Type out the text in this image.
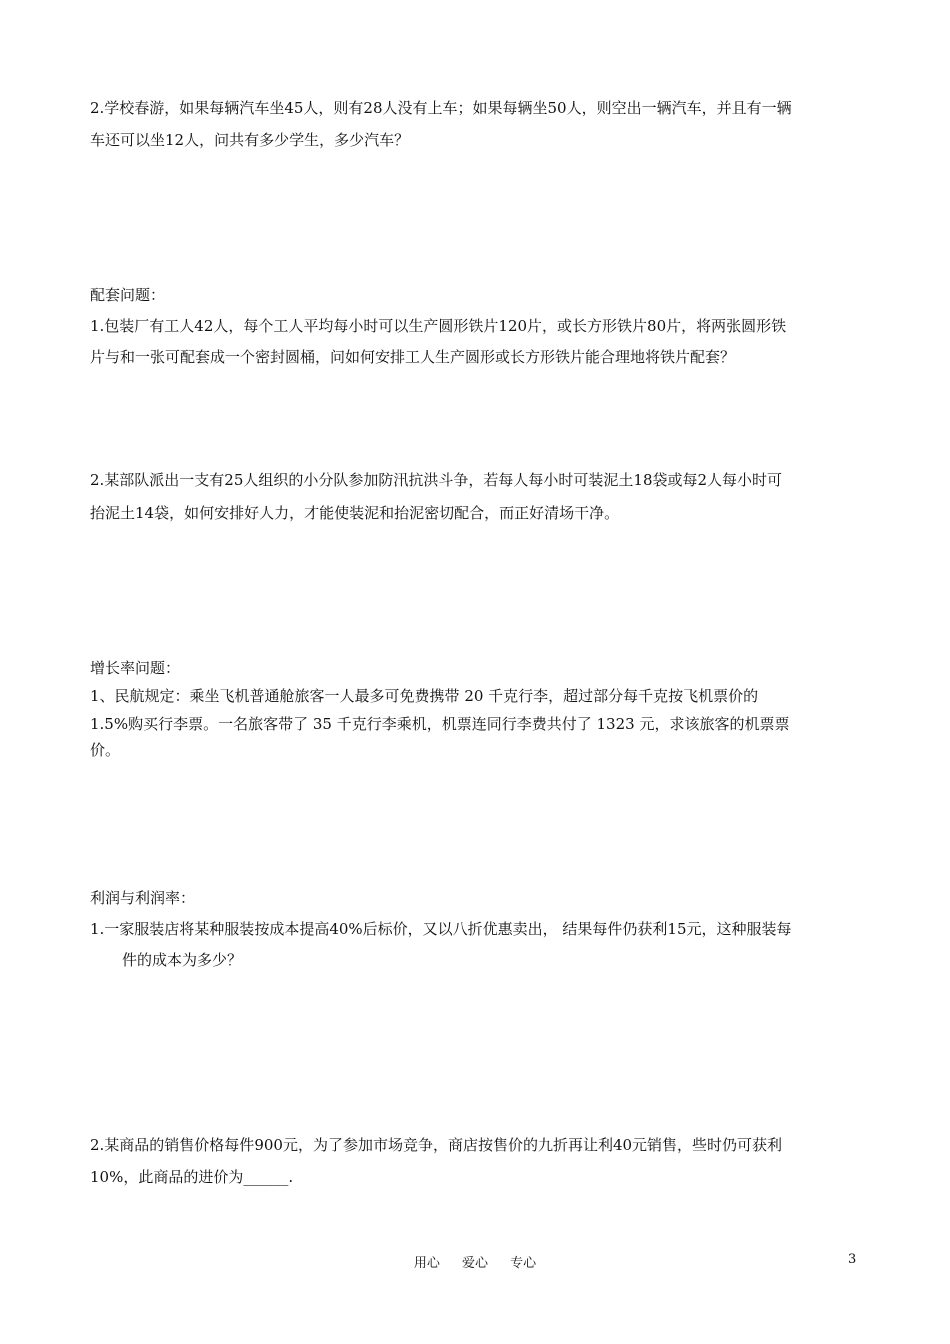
2.学校春游，如果每辆汽车坐45人，则有28人没有上车；如果每辆坐50人，则空出一辆汽车，并且有一辆
车还可以坐12人，问共有多少学生，多少汽车？
配套问题：
1.包装厂有工人42人，每个工人平均每小时可以生产圆形铁片120片，或长方形铁片80片，将两张圆形铁
片与和一张可配套成一个密封圆桶，问如何安排工人生产圆形或长方形铁片能合理地将铁片配套？
2.某部队派出一支有25人组织的小分队参加防汛抗洪斗争，若每人每小时可装泥土18袋或每2人每小时可
抬泥土14袋，如何安排好人力，才能使装泥和抬泥密切配合，而正好清场干净。
增长率问题：
1、民航规定：乘坐飞机普通舱旅客一人最多可免费携带 20 千克行李，超过部分每千克按飞机票价的
1.5%购买行李票。一名旅客带了 35 千克行李乘机，机票连同行李费共付了 1323 元，求该旅客的机票票
价。
利润与利润率：
1.一家服装店将某种服装按成本提高40%后标价，又以八折优惠卖出， 结果每件仍获利15元，这种服装每
件的成本为多少？
2.某商品的销售价格每件900元，为了参加市场竞争，商店按售价的九折再让利40元销售，些时仍可获利
10%，此商品的进价为______.
用心 爱心 专心	3
